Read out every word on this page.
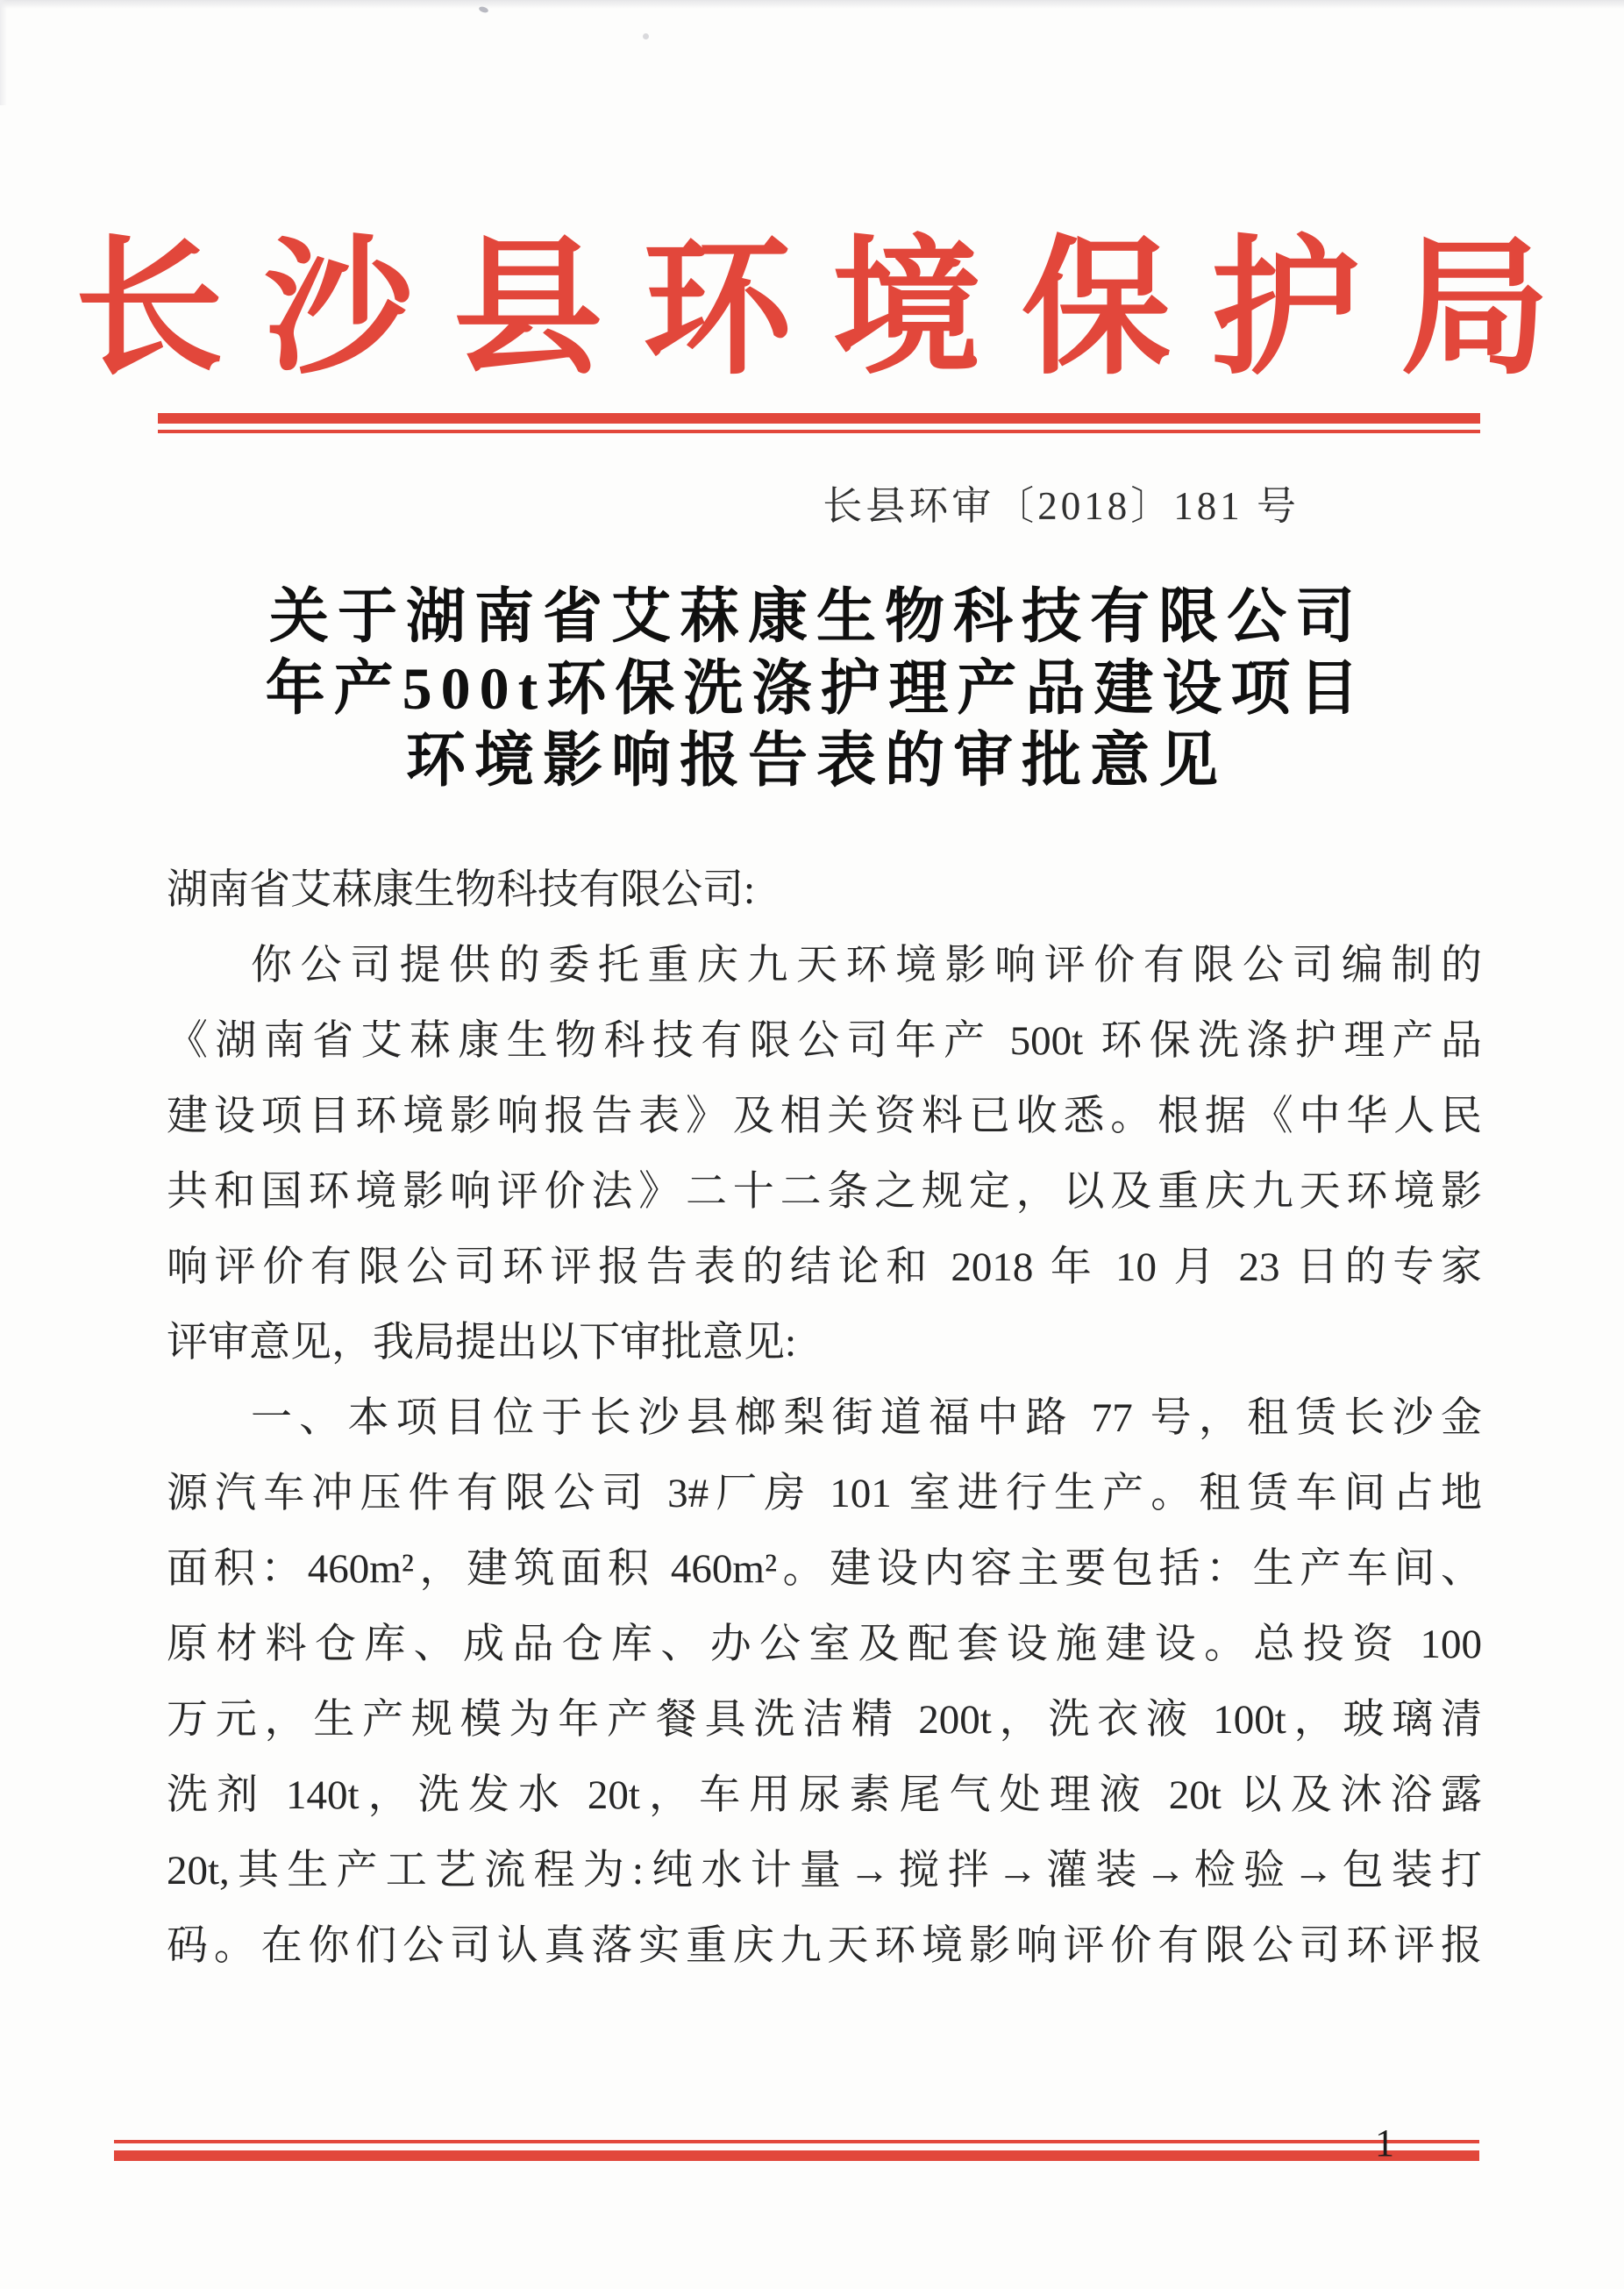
长沙县环境保护局
长县环审〔2018〕181 号
关于湖南省艾菻康生物科技有限公司
年产500t环保洗涤护理产品建设项目
环境影响报告表的审批意见
湖南省艾菻康生物科技有限公司:
你公司提供的委托重庆九天环境影响评价有限公司编制的
《湖南省艾菻康生物科技有限公司年产 500t 环保洗涤护理产品
建设项目环境影响报告表》及相关资料已收悉。根据《中华人民
共和国环境影响评价法》二十二条之规定，以及重庆九天环境影
响评价有限公司环评报告表的结论和 2018 年 10 月 23 日的专家
评审意见，我局提出以下审批意见:
一、本项目位于长沙县榔梨街道福中路 77 号，租赁长沙金
源汽车冲压件有限公司 3#厂房 101 室进行生产。租赁车间占地
面积：460m²，建筑面积 460m²。建设内容主要包括：生产车间、
原材料仓库、成品仓库、办公室及配套设施建设。总投资 100
万元，生产规模为年产餐具洗洁精 200t，洗衣液 100t，玻璃清
洗剂 140t，洗发水 20t，车用尿素尾气处理液 20t 以及沐浴露
20t,其生产工艺流程为:纯水计量→搅拌→灌装→检验→包装打
码。在你们公司认真落实重庆九天环境影响评价有限公司环评报
1
